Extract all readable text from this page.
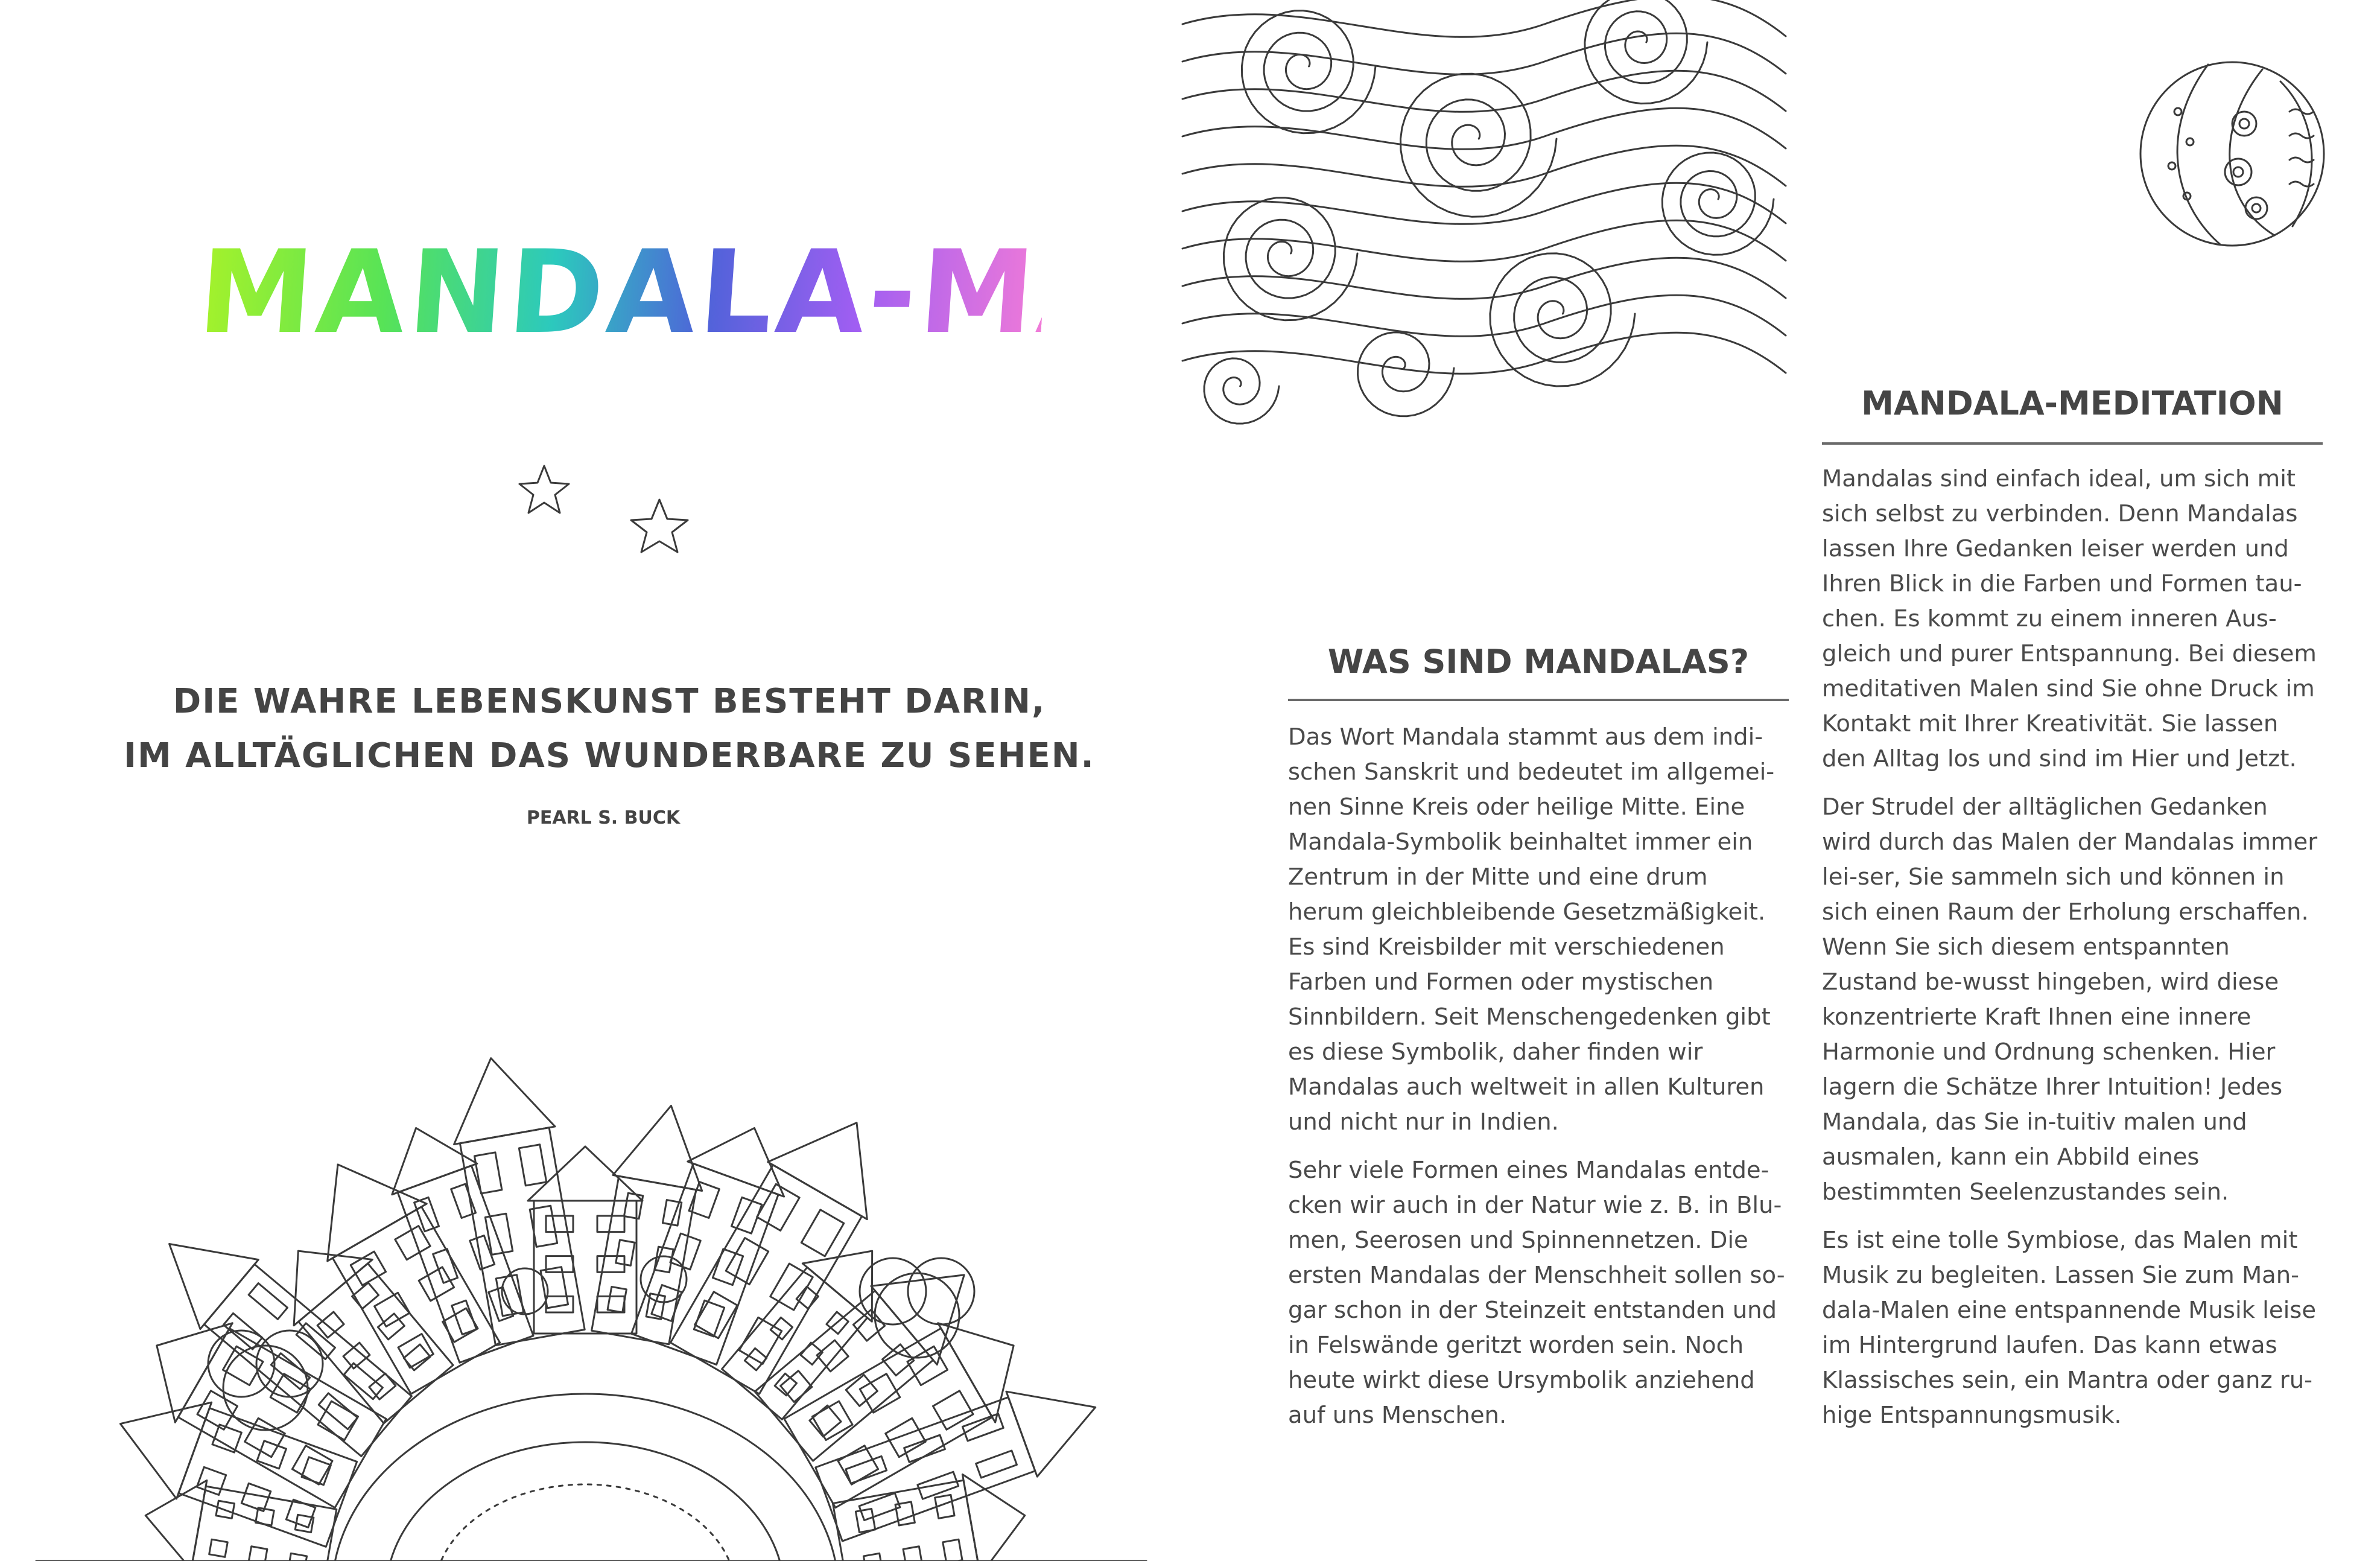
MANDALA-MALEN
DIE WAHRE LEBENSKUNST BESTEHT DARIN,
IM ALLTÄGLICHEN DAS WUNDERBARE ZU SEHEN.
PEARL S. BUCK
WAS SIND MANDALAS?

Das Wort Mandala stammt aus dem indi-schen Sanskrit und bedeutet im allgemei-nen Sinne Kreis oder heilige Mitte. Eine Mandala-Symbolik beinhaltet immer ein Zentrum in der Mitte und eine drum herum gleichbleibende Gesetzmäßigkeit. Es sind Kreisbilder mit verschiedenen Farben und Formen oder mystischen Sinnbildern. Seit Menschengedenken gibt es diese Symbolik, daher finden wir Mandalas auch weltweit in allen Kulturen und nicht nur in Indien.

Sehr viele Formen eines Mandalas entde-cken wir auch in der Natur wie z. B. in Blu-men, Seerosen und Spinnennetzen. Die ersten Mandalas der Menschheit sollen so-gar schon in der Steinzeit entstanden und in Felswände geritzt worden sein. Noch heute wirkt diese Ursymbolik anziehend auf uns Menschen.

MANDALA-MEDITATION

Mandalas sind einfach ideal, um sich mit sich selbst zu verbinden. Denn Mandalas lassen Ihre Gedanken leiser werden und Ihren Blick in die Farben und Formen tau-chen. Es kommt zu einem inneren Aus-gleich und purer Entspannung. Bei diesem meditativen Malen sind Sie ohne Druck im Kontakt mit Ihrer Kreativität. Sie lassen den Alltag los und sind im Hier und Jetzt.

Der Strudel der alltäglichen Gedanken wird durch das Malen der Mandalas immer lei-ser, Sie sammeln sich und können in sich einen Raum der Erholung erschaffen. Wenn Sie sich diesem entspannten Zustand be-wusst hingeben, wird diese konzentrierte Kraft Ihnen eine innere Harmonie und Ordnung schenken. Hier lagern die Schätze Ihrer Intuition! Jedes Mandala, das Sie in-tuitiv malen und ausmalen, kann ein Abbild eines bestimmten Seelenzustandes sein.

Es ist eine tolle Symbiose, das Malen mit Musik zu begleiten. Lassen Sie zum Man-dala-Malen eine entspannende Musik leise im Hintergrund laufen. Das kann etwas Klassisches sein, ein Mantra oder ganz ru-hige Entspannungsmusik.
